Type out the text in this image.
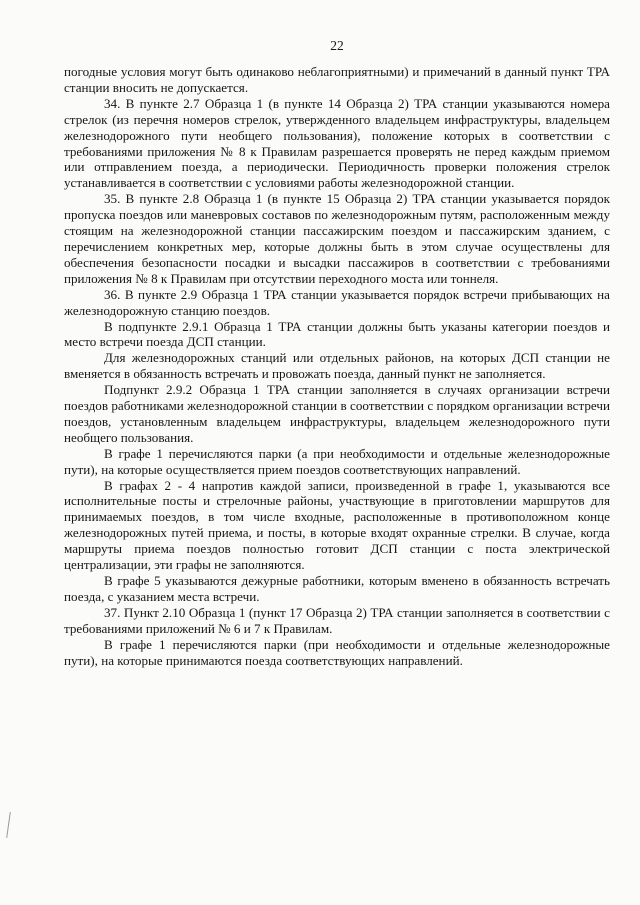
22

погодные условия могут быть одинаково неблагоприятными) и примечаний в данный пункт ТРА станции вносить не допускается.

34. В пункте 2.7 Образца 1 (в пункте 14 Образца 2) ТРА станции указываются номера стрелок (из перечня номеров стрелок, утвержденного владельцем инфраструктуры, владельцем железнодорожного пути необщего пользования), положение которых в соответствии с требованиями приложения № 8 к Правилам разрешается проверять не перед каждым приемом или отправлением поезда, а периодически. Периодичность проверки положения стрелок устанавливается в соответствии с условиями работы железнодорожной станции.

35. В пункте 2.8 Образца 1 (в пункте 15 Образца 2) ТРА станции указывается порядок пропуска поездов или маневровых составов по железнодорожным путям, расположенным между стоящим на железнодорожной станции пассажирским поездом и пассажирским зданием, с перечислением конкретных мер, которые должны быть в этом случае осуществлены для обеспечения безопасности посадки и высадки пассажиров в соответствии с требованиями приложения № 8 к Правилам при отсутствии переходного моста или тоннеля.

36. В пункте 2.9 Образца 1 ТРА станции указывается порядок встречи прибывающих на железнодорожную станцию поездов.

В подпункте 2.9.1 Образца 1 ТРА станции должны быть указаны категории поездов и место встречи поезда ДСП станции.

Для железнодорожных станций или отдельных районов, на которых ДСП станции не вменяется в обязанность встречать и провожать поезда, данный пункт не заполняется.

Подпункт 2.9.2 Образца 1 ТРА станции заполняется в случаях организации встречи поездов работниками железнодорожной станции в соответствии с порядком организации встречи поездов, установленным владельцем инфраструктуры, владельцем железнодорожного пути необщего пользования.

В графе 1 перечисляются парки (а при необходимости и отдельные железнодорожные пути), на которые осуществляется прием поездов соответствующих направлений.

В графах 2 - 4 напротив каждой записи, произведенной в графе 1, указываются все исполнительные посты и стрелочные районы, участвующие в приготовлении маршрутов для принимаемых поездов, в том числе входные, расположенные в противоположном конце железнодорожных путей приема, и посты, в которые входят охранные стрелки. В случае, когда маршруты приема поездов полностью готовит ДСП станции с поста электрической централизации, эти графы не заполняются.

В графе 5 указываются дежурные работники, которым вменено в обязанность встречать поезда, с указанием места встречи.

37. Пункт 2.10 Образца 1 (пункт 17 Образца 2) ТРА станции заполняется в соответствии с требованиями приложений № 6 и 7 к Правилам.

В графе 1 перечисляются парки (при необходимости и отдельные железнодорожные пути), на которые принимаются поезда соответствующих направлений.
